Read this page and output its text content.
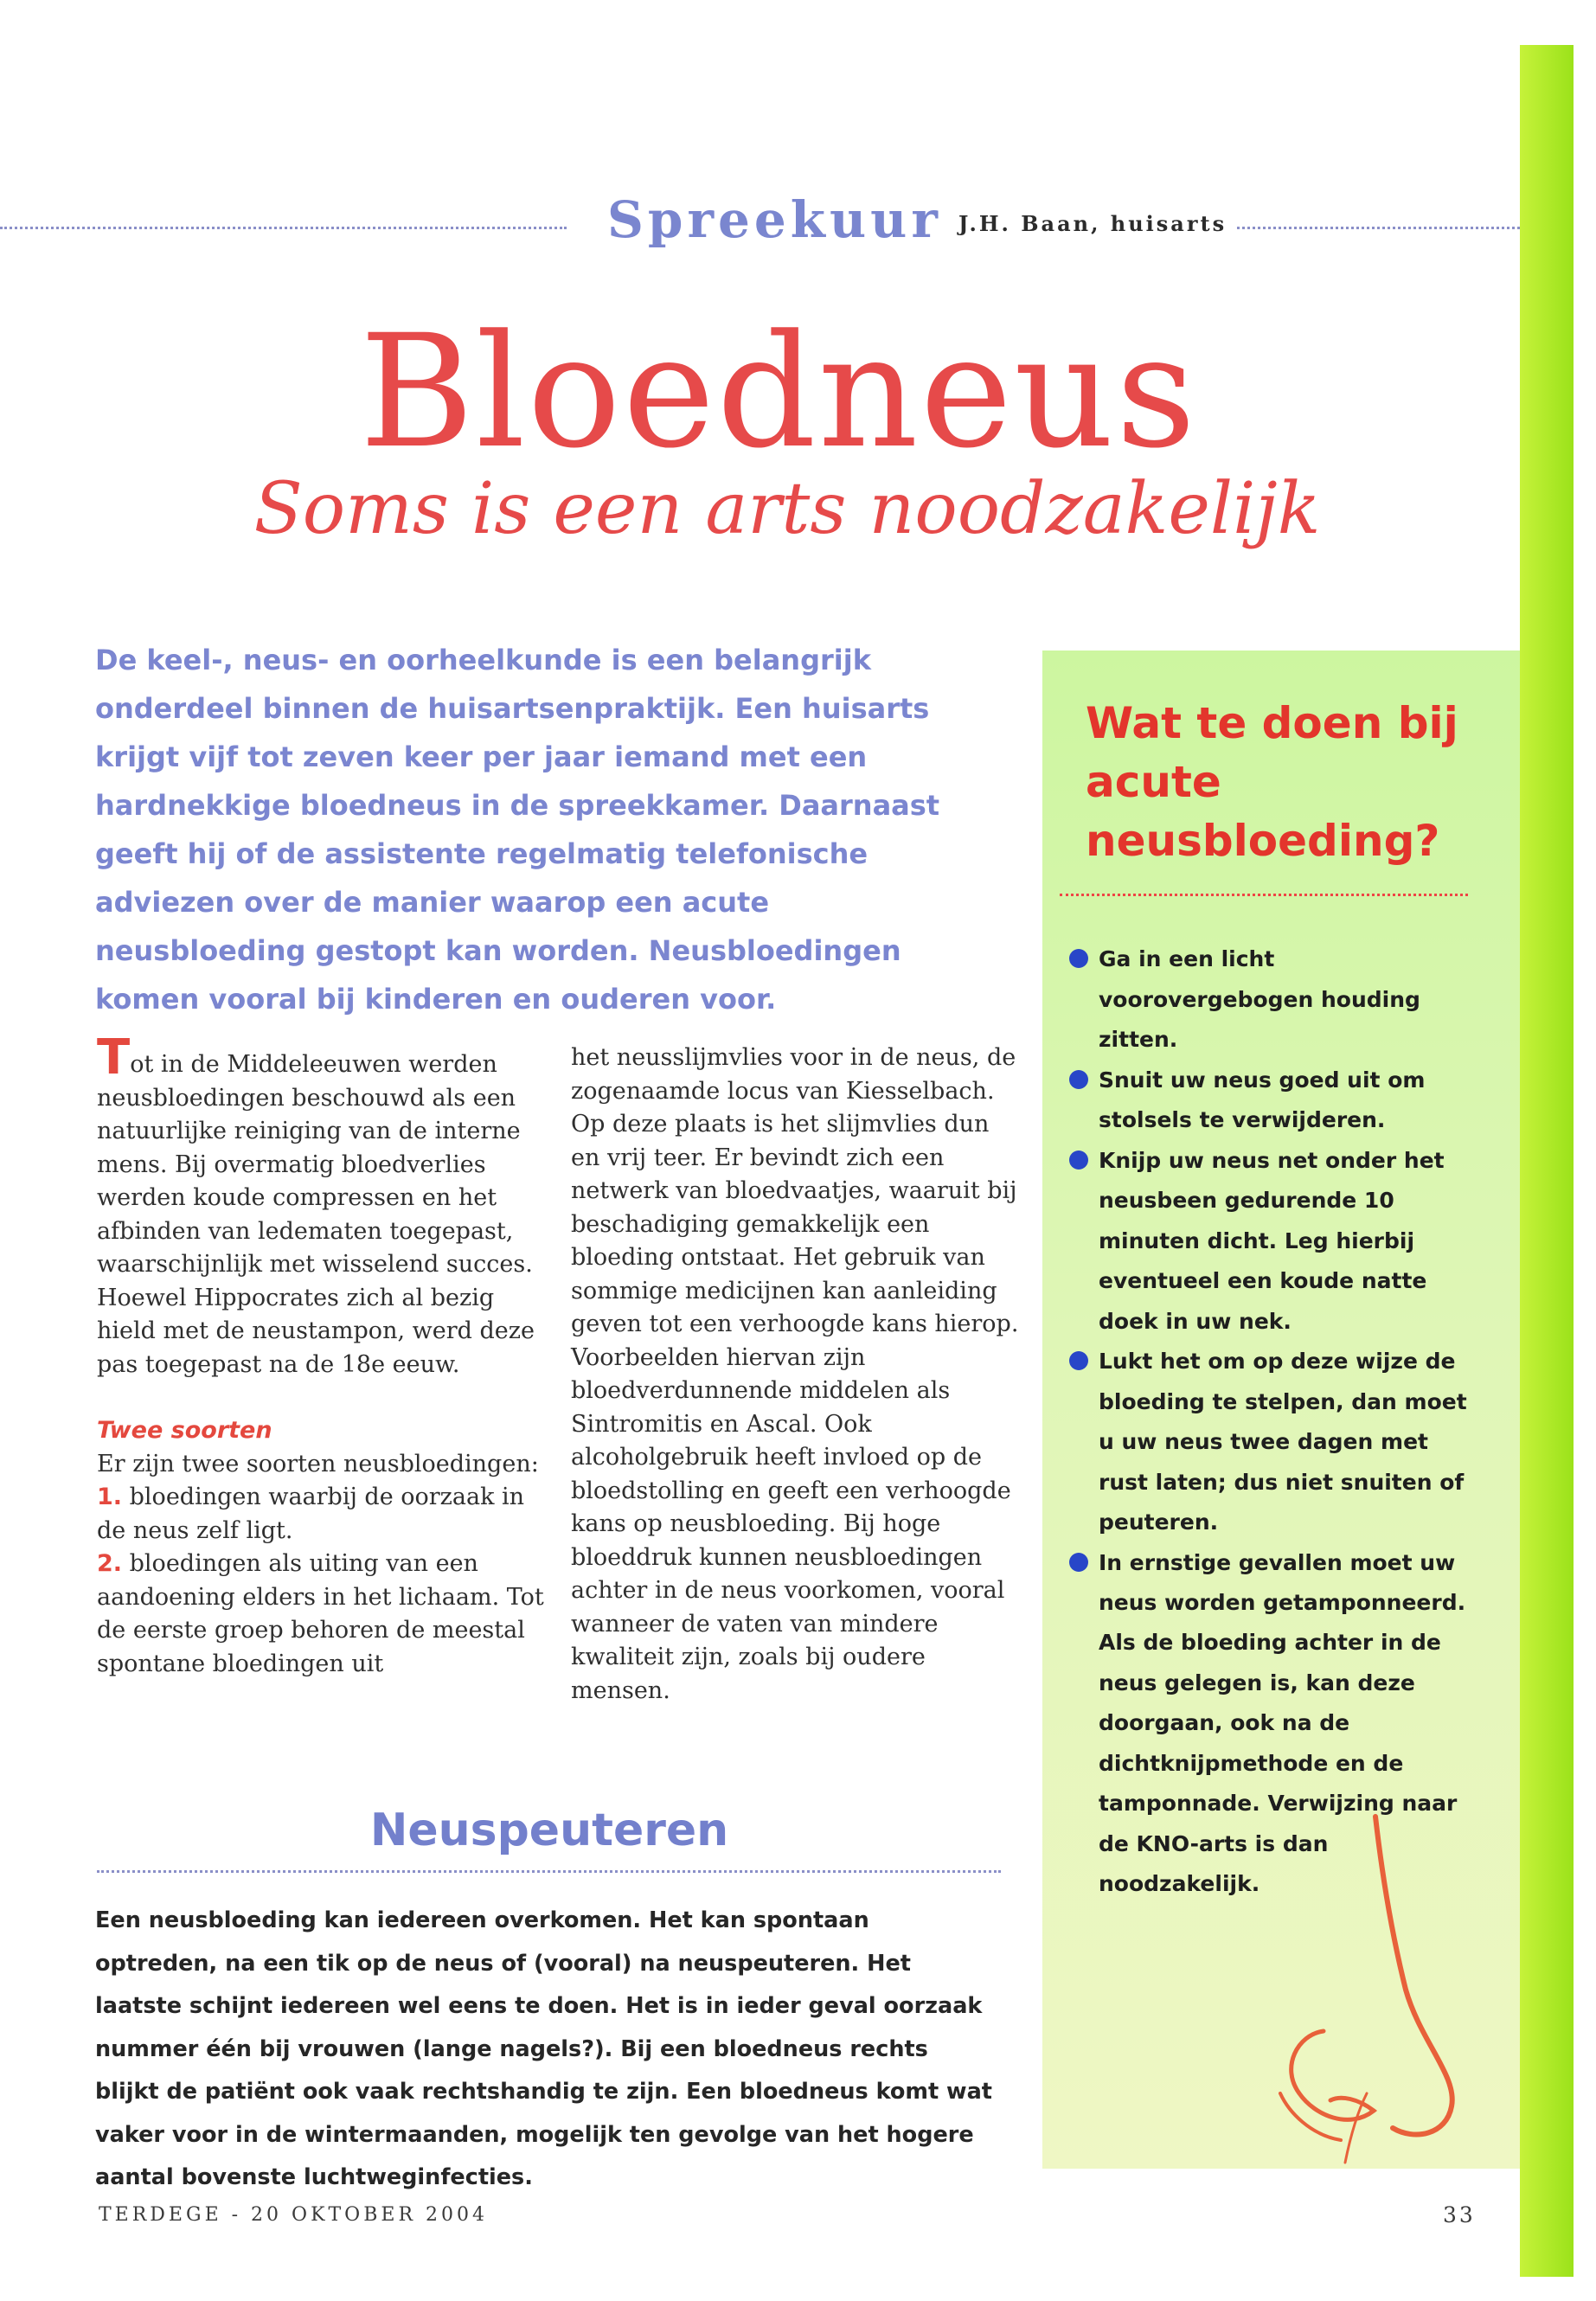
Spreekuur J.H. Baan, huisarts
Bloedneus
Soms is een arts noodzakelijk
De keel-, neus- en oorheelkunde is een belangrijk onderdeel binnen de huisartsenpraktijk. Een huisarts krijgt vijf tot zeven keer per jaar iemand met een hardnekkige bloedneus in de spreekkamer. Daarnaast geeft hij of de assistente regelmatig telefonische adviezen over de manier waarop een acute neusbloeding gestopt kan worden. Neusbloedingen komen vooral bij kinderen en ouderen voor.

Tot in de Middeleeuwen werden neusbloedingen beschouwd als een natuurlijke reiniging van de interne mens. Bij overmatig bloedverlies werden koude compressen en het afbinden van ledematen toegepast, waarschijnlijk met wisselend succes. Hoewel Hippocrates zich al bezig hield met de neustampon, werd deze pas toegepast na de 18e eeuw.

Twee soorten

Er zijn twee soorten neusbloedingen:

1. bloedingen waarbij de oorzaak in de neus zelf ligt.

2. bloedingen als uiting van een aandoening elders in het lichaam. Tot de eerste groep behoren de meestal spontane bloedingen uit

het neusslijmvlies voor in de neus, de zogenaamde locus van Kiesselbach. Op deze plaats is het slijmvlies dun en vrij teer. Er bevindt zich een netwerk van bloedvaatjes, waaruit bij beschadiging gemakkelijk een bloeding ontstaat. Het gebruik van sommige medicijnen kan aanleiding geven tot een verhoogde kans hierop. Voorbeelden hiervan zijn bloedverdunnende middelen als Sintromitis en Ascal. Ook alcoholgebruik heeft invloed op de bloedstolling en geeft een verhoogde kans op neusbloeding. Bij hoge bloeddruk kunnen neusbloedingen achter in de neus voorkomen, vooral wanneer de vaten van mindere kwaliteit zijn, zoals bij oudere mensen.

Neuspeuteren
Een neusbloeding kan iedereen overkomen. Het kan spontaan optreden, na een tik op de neus of (vooral) na neuspeuteren. Het laatste schijnt iedereen wel eens te doen. Het is in ieder geval oorzaak nummer één bij vrouwen (lange nagels?). Bij een bloedneus rechts blijkt de patiënt ook vaak rechtshandig te zijn. Een bloedneus komt wat vaker voor in de wintermaanden, mogelijk ten gevolge van het hogere aantal bovenste luchtweginfecties.
Wat te doen bij acute neusbloeding?
Ga in een licht voorovergebogen houding zitten.
Snuit uw neus goed uit om stolsels te verwijderen.
Knijp uw neus net onder het neusbeen gedurende 10 minuten dicht. Leg hierbij eventueel een koude natte doek in uw nek.
Lukt het om op deze wijze de bloeding te stelpen, dan moet u uw neus twee dagen met rust laten; dus niet snuiten of peuteren.
In ernstige gevallen moet uw neus worden getamponneerd.
Als de bloeding achter in de neus gelegen is, kan deze doorgaan, ook na de dichtknijpmethode en de tamponnade. Verwijzing naar de KNO-arts is dan noodzakelijk.
TERDEGE - 20 OKTOBER 2004	33
